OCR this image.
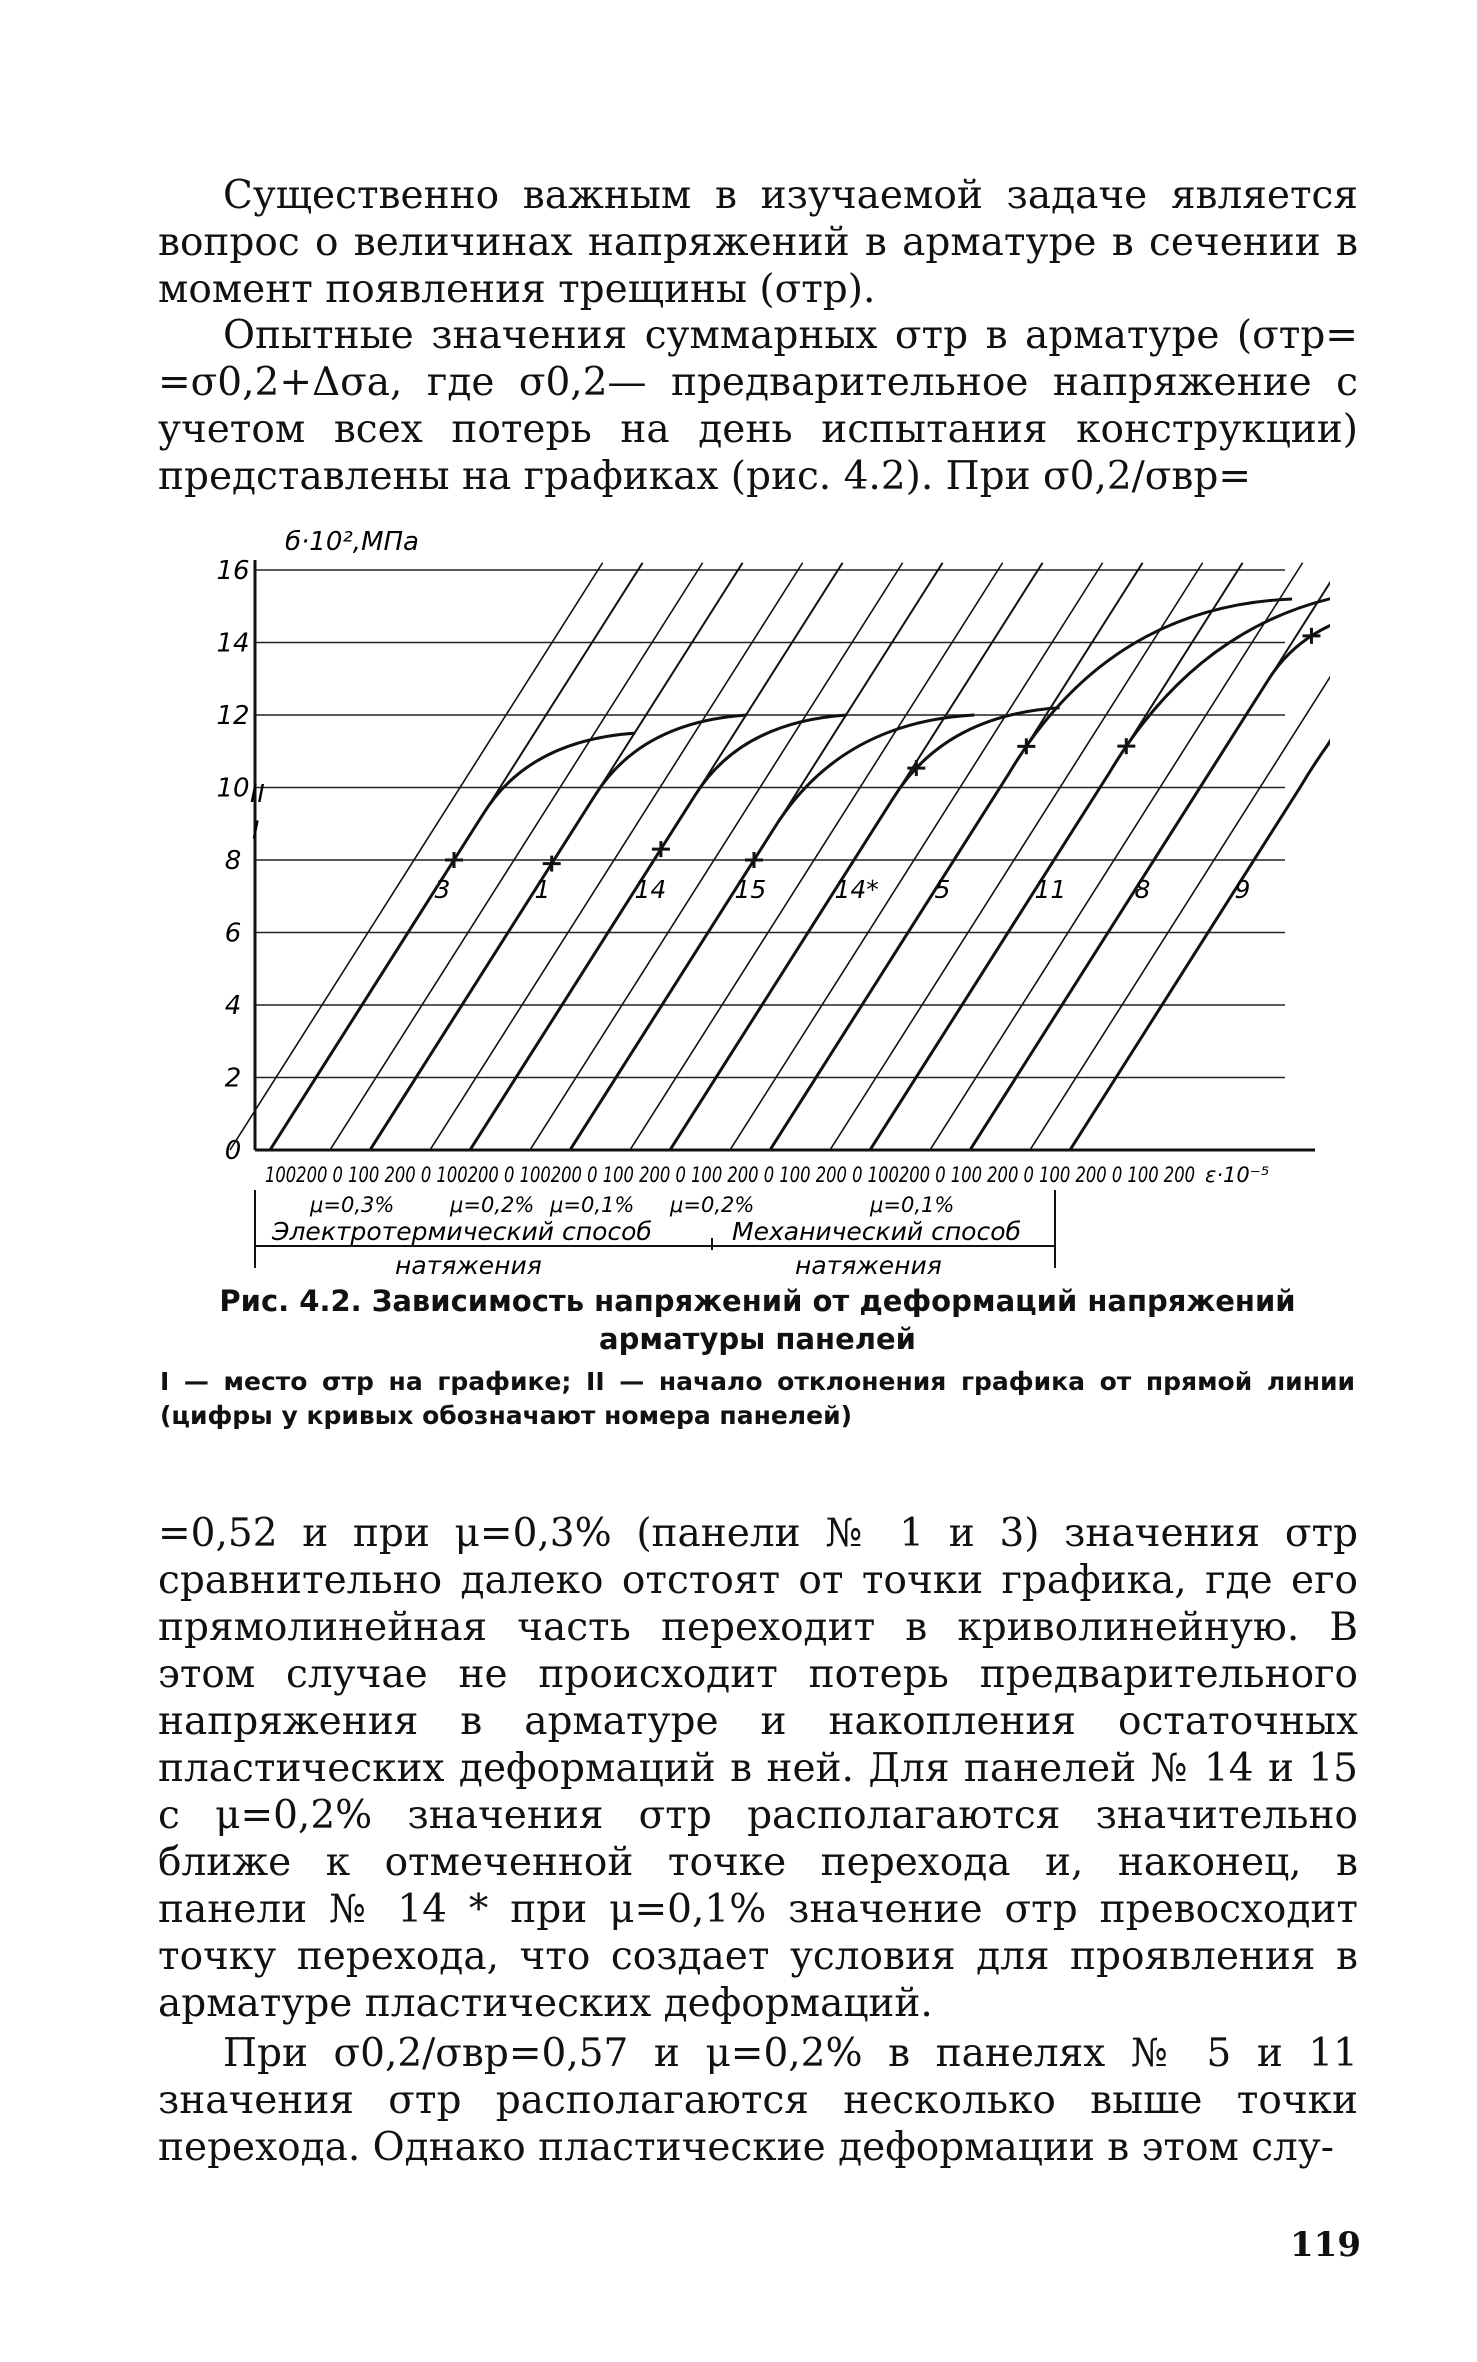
Существенно важным в изучаемой задаче является вопрос о величинах напряжений в арматуре в сечении в момент появления трещины (σтр).

Опытные значения суммарных σтр в арматуре (σтр= =σ0,2+Δσa, где σ0,2— предварительное напряжение с учетом всех потерь на день испытания конструкции) представлены на графиках (рис. 4.2). При σ0,2/σвр=

0
2
4
6
8
10
12
14
16
б·10²,МПа
3	1	14	15	14* 5	11	8	9
II
I
100200 0 100 200 0 100200 0 100200 0 100 200 0 100 200 0 100 200 0 100200 0 100 200 0 100 200 0 100 200 ε·10⁻⁵
μ=0,3%	μ=0,2% μ=0,1% μ=0,2%	μ=0,1%
Электротермический способ
натяжения
Механический способ
натяжения
Рис. 4.2. Зависимость напряжений от деформаций напряжений арматуры панелей
I — место σтр на графике; II — начало отклонения графика от прямой линии (цифры у кривых обозначают номера панелей)

=0,52 и при μ=0,3% (панели № 1 и 3) значения σтр сравнительно далеко отстоят от точки графика, где его прямолинейная часть переходит в криволинейную. В этом случае не происходит потерь предварительного напряжения в арматуре и накопления остаточных пластических деформаций в ней. Для панелей № 14 и 15 с μ=0,2% значения σтр располагаются значительно ближе к отмеченной точке перехода и, наконец, в панели № 14 * при μ=0,1% значение σтр превосходит точку перехода, что создает условия для проявления в арматуре пластических деформаций.

При σ0,2/σвр=0,57 и μ=0,2% в панелях № 5 и 11 значения σтр располагаются несколько выше точки перехода. Однако пластические деформации в этом слу-

119
